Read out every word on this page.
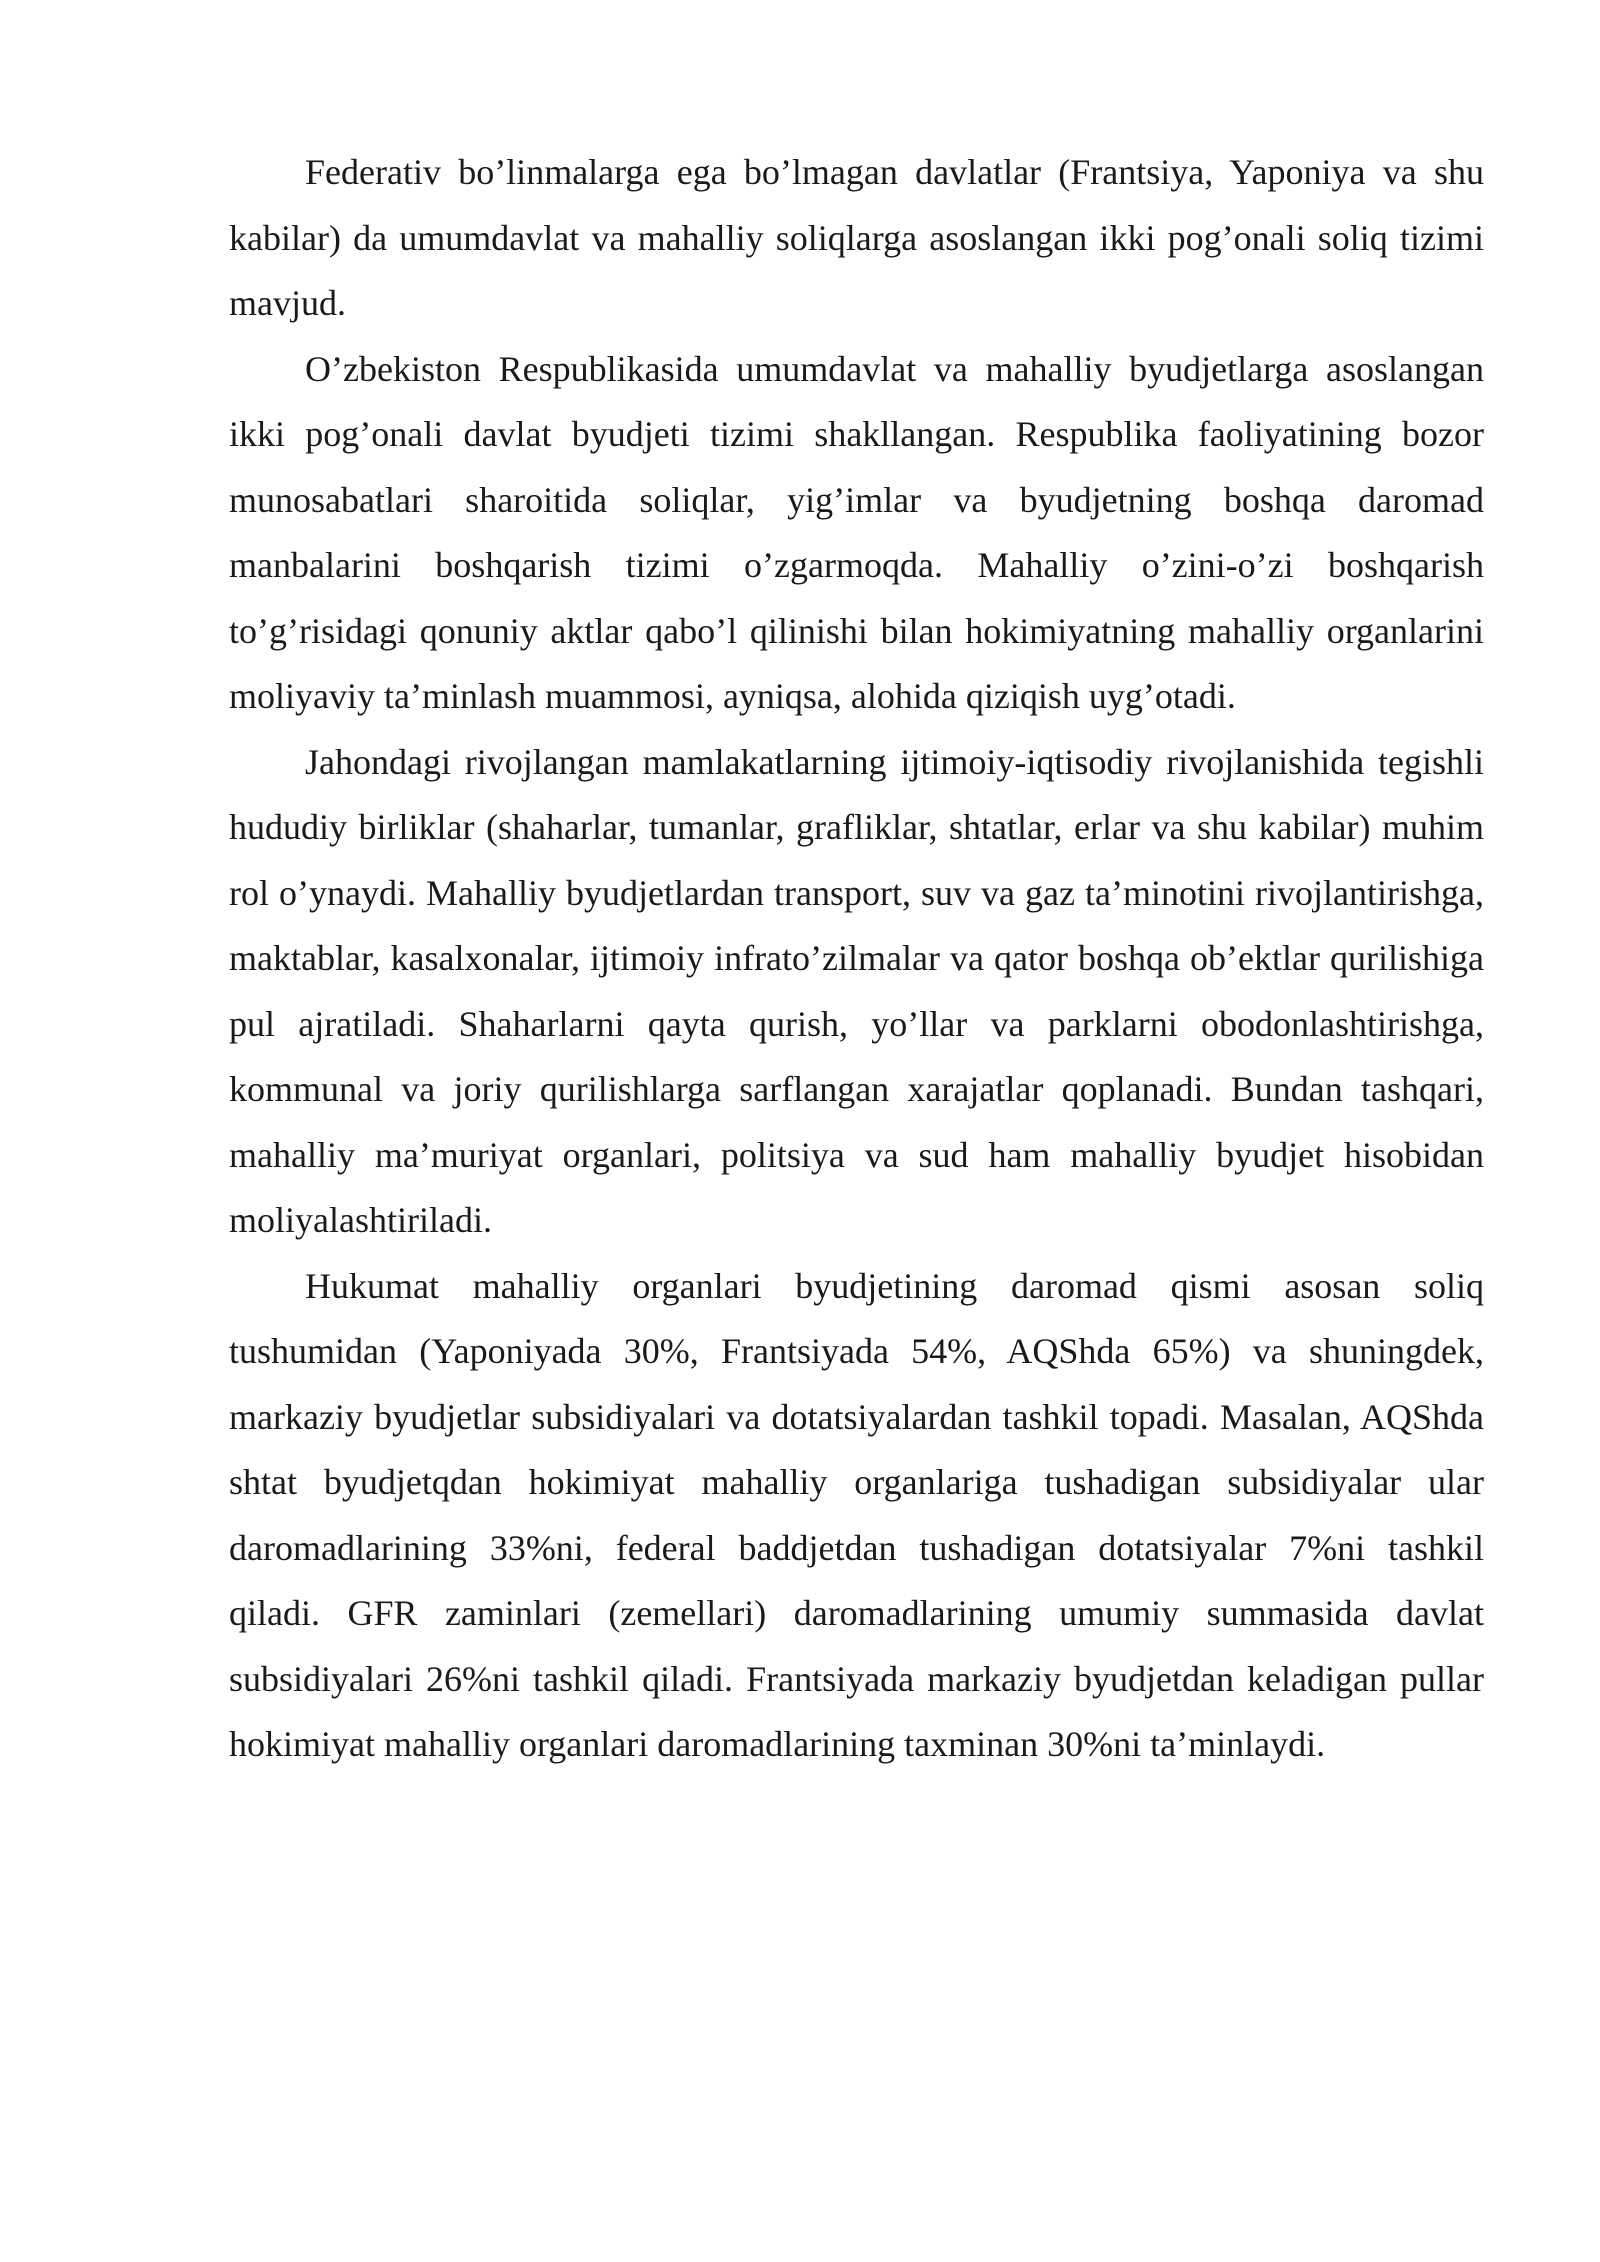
Federativ bo’linmalarga ega bo’lmagan davlatlar (Frantsiya, Yaponiya va shu kabilar) da umumdavlat va mahalliy soliqlarga asoslangan ikki pog’onali soliq tizimi mavjud.

O’zbekiston Respublikasida umumdavlat va mahalliy byudjetlarga asoslangan ikki pog’onali davlat byudjeti tizimi shakllangan. Respublika faoliyatining bozor munosabatlari sharoitida soliqlar, yig’imlar va byudjetning boshqa daromad manbalarini boshqarish tizimi o’zgarmoqda. Mahalliy o’zini-o’zi boshqarish to’g’risidagi qonuniy aktlar qabo’l qilinishi bilan hokimiyatning mahalliy organlarini moliyaviy ta’minlash muammosi, ayniqsa, alohida qiziqish uyg’otadi.

Jahondagi rivojlangan mamlakatlarning ijtimoiy-iqtisodiy rivojlanishida tegishli hududiy birliklar (shaharlar, tumanlar, grafliklar, shtatlar, erlar va shu kabilar) muhim rol o’ynaydi. Mahalliy byudjetlardan transport, suv va gaz ta’minotini rivojlantirishga, maktablar, kasalxonalar, ijtimoiy infrato’zilmalar va qator boshqa ob’ektlar qurilishiga pul ajratiladi. Shaharlarni qayta qurish, yo’llar va parklarni obodonlashtirishga, kommunal va joriy qurilishlarga sarflangan xarajatlar qoplanadi. Bundan tashqari, mahalliy ma’muriyat organlari, politsiya va sud ham mahalliy byudjet hisobidan moliyalashtiriladi.

Hukumat mahalliy organlari byudjetining daromad qismi asosan soliq tushumidan (Yaponiyada 30%, Frantsiyada 54%, AQShda 65%) va shuningdek, markaziy byudjetlar subsidiyalari va dotatsiyalardan tashkil topadi. Masalan, AQShda shtat byudjetqdan hokimiyat mahalliy organlariga tushadigan subsidiyalar ular daromadlarining 33%ni, federal baddjetdan tushadigan dotatsiyalar 7%ni tashkil qiladi. GFR zaminlari (zemellari) daromadlarining umumiy summasida davlat subsidiyalari 26%ni tashkil qiladi. Frantsiyada markaziy byudjetdan keladigan pullar hokimiyat mahalliy organlari daromadlarining taxminan 30%ni ta’minlaydi.
